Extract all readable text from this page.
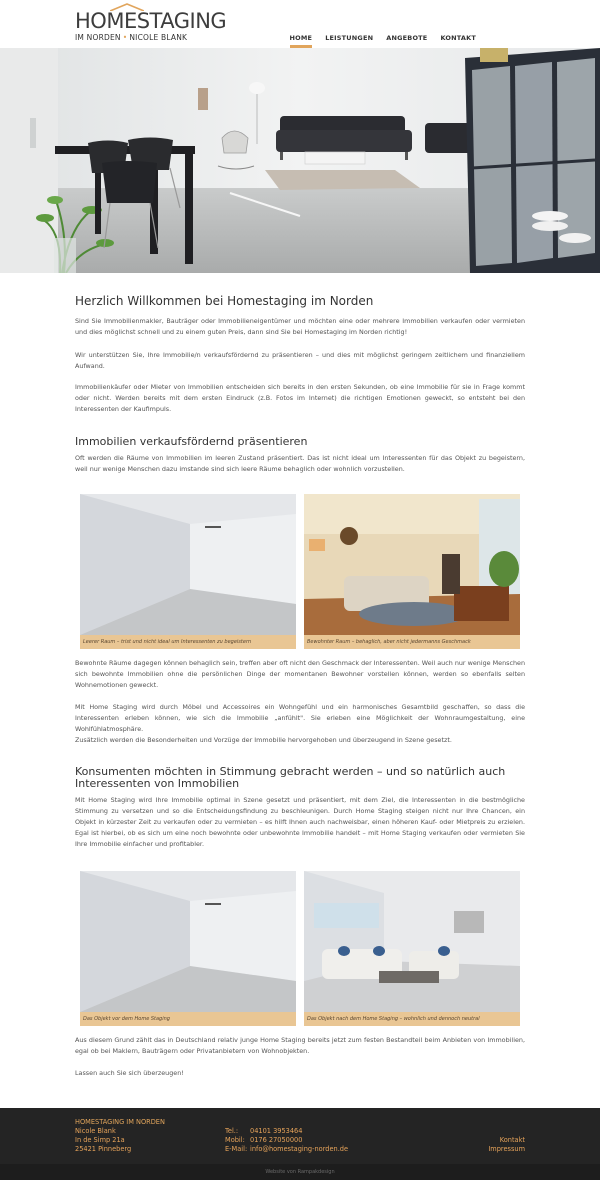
HOMESTAGING
IM NORDEN • NICOLE BLANK	HOME LEISTUNGEN ANGEBOTE KONTAKT
Herzlich Willkommen bei Homestaging im Norden

Sind Sie Immobilienmakler, Bauträger oder Immobilieneigentümer und möchten eine oder mehrere Immobilien verkaufen oder vermieten und dies möglichst schnell und zu einem guten Preis, dann sind Sie bei Homestaging im Norden richtig!

Wir unterstützen Sie, Ihre Immobilie/n verkaufsfördernd zu präsentieren – und dies mit möglichst geringem zeitlichem und finanziellem Aufwand.

Immobilienkäufer oder Mieter von Immobilien entscheiden sich bereits in den ersten Sekunden, ob eine Immobilie für sie in Frage kommt oder nicht. Werden bereits mit dem ersten Eindruck (z.B. Fotos im Internet) die richtigen Emotionen geweckt, so entsteht bei den Interessenten der Kaufimpuls.

Immobilien verkaufsfördernd präsentieren

Oft werden die Räume von Immobilien im leeren Zustand präsentiert. Das ist nicht ideal um Interessenten für das Objekt zu begeistern, weil nur wenige Menschen dazu imstande sind sich leere Räume behaglich oder wohnlich vorzustellen.

Leerer Raum – trist und nicht ideal um Interessenten zu begeistern	Bewohnter Raum – behaglich, aber nicht jedermanns Geschmack

Bewohnte Räume dagegen können behaglich sein, treffen aber oft nicht den Geschmack der Interessenten. Weil auch nur wenige Menschen sich bewohnte Immobilien ohne die persönlichen Dinge der momentanen Bewohner vorstellen können, werden so ebenfalls selten Wohnemotionen geweckt.

Mit Home Staging wird durch Möbel und Accessoires ein Wohngefühl und ein harmonisches Gesamtbild geschaffen, so dass die Interessenten erleben können, wie sich die Immobilie „anfühlt". Sie erleben eine Möglichkeit der Wohnraumgestaltung, eine Wohlfühlatmosphäre.

Zusätzlich werden die Besonderheiten und Vorzüge der Immobilie hervorgehoben und überzeugend in Szene gesetzt.

Konsumenten möchten in Stimmung gebracht werden – und so natürlich auch Interessenten von Immobilien

Mit Home Staging wird Ihre Immobilie optimal in Szene gesetzt und präsentiert, mit dem Ziel, die Interessenten in die bestmögliche Stimmung zu versetzen und so die Entscheidungsfindung zu beschleunigen. Durch Home Staging steigen nicht nur Ihre Chancen, ein Objekt in kürzester Zeit zu verkaufen oder zu vermieten – es hilft Ihnen auch nachweisbar, einen höheren Kauf- oder Mietpreis zu erzielen. Egal ist hierbei, ob es sich um eine noch bewohnte oder unbewohnte Immobilie handelt – mit Home Staging verkaufen oder vermieten Sie Ihre Immobilie einfacher und profitabler.

Das Objekt vor dem Home Staging	Das Objekt nach dem Home Staging – wohnlich und dennoch neutral

Aus diesem Grund zählt das in Deutschland relativ junge Home Staging bereits jetzt zum festen Bestandteil beim Anbieten von Immobilien, egal ob bei Maklern, Bauträgern oder Privatanbietern von Wohnobjekten.

Lassen auch Sie sich überzeugen!

HOMESTAGING IM NORDEN
Nicole Blank
In de Simp 21a
25421 Pinneberg
Tel.:	04101 3953464
Mobil: 0176 27050000
E-Mail: info@homestaging-norden.de
Kontakt
Impressum
Website von Rampakdesign
